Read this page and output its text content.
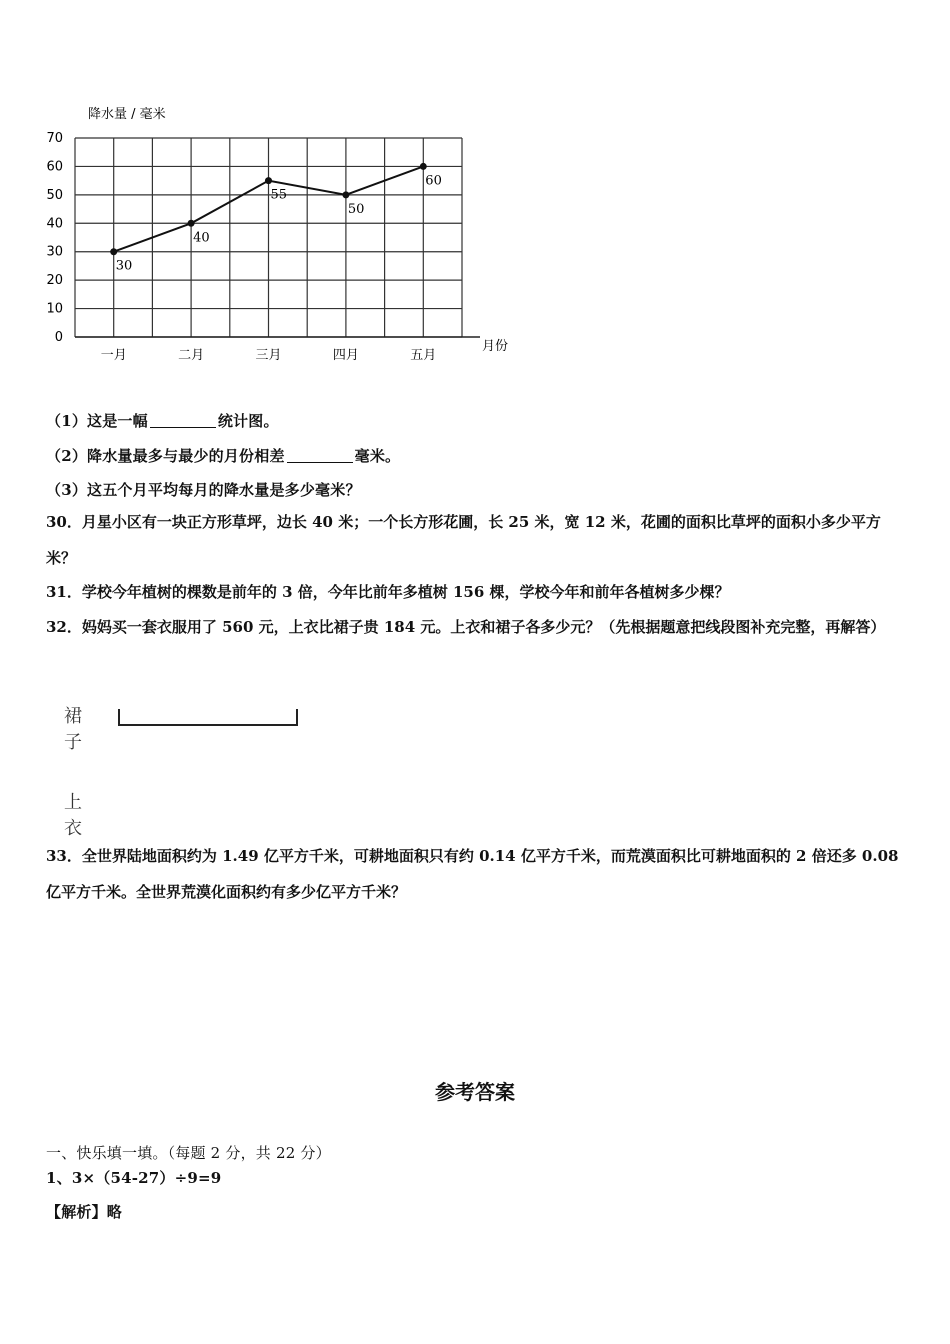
0
10
20
30
40
50
60
70
一月	二月	三月	四月	五月
降水量 / 毫米
月份
30
40
55
50
60
（1）这是一幅	统计图。
（2）降水量最多与最少的月份相差	毫米。
（3）这五个月平均每月的降水量是多少毫米？
30．月星小区有一块正方形草坪，边长 40 米；一个长方形花圃，长 25 米，宽 12 米，花圃的面积比草坪的面积小多少平方米？
31．学校今年植树的棵数是前年的 3 倍，今年比前年多植树 156 棵，学校今年和前年各植树多少棵？
32．妈妈买一套衣服用了 560 元，上衣比裙子贵 184 元。上衣和裙子各多少元？（先根据题意把线段图补充完整，再解答）
裙子
上衣
33．全世界陆地面积约为 1.49 亿平方千米，可耕地面积只有约 0.14 亿平方千米，而荒漠面积比可耕地面积的 2 倍还多 0.08 亿平方千米。全世界荒漠化面积约有多少亿平方千米？
参考答案
一、快乐填一填。（每题 2 分，共 22 分）
1、3×（54-27）÷9=9
【解析】略
